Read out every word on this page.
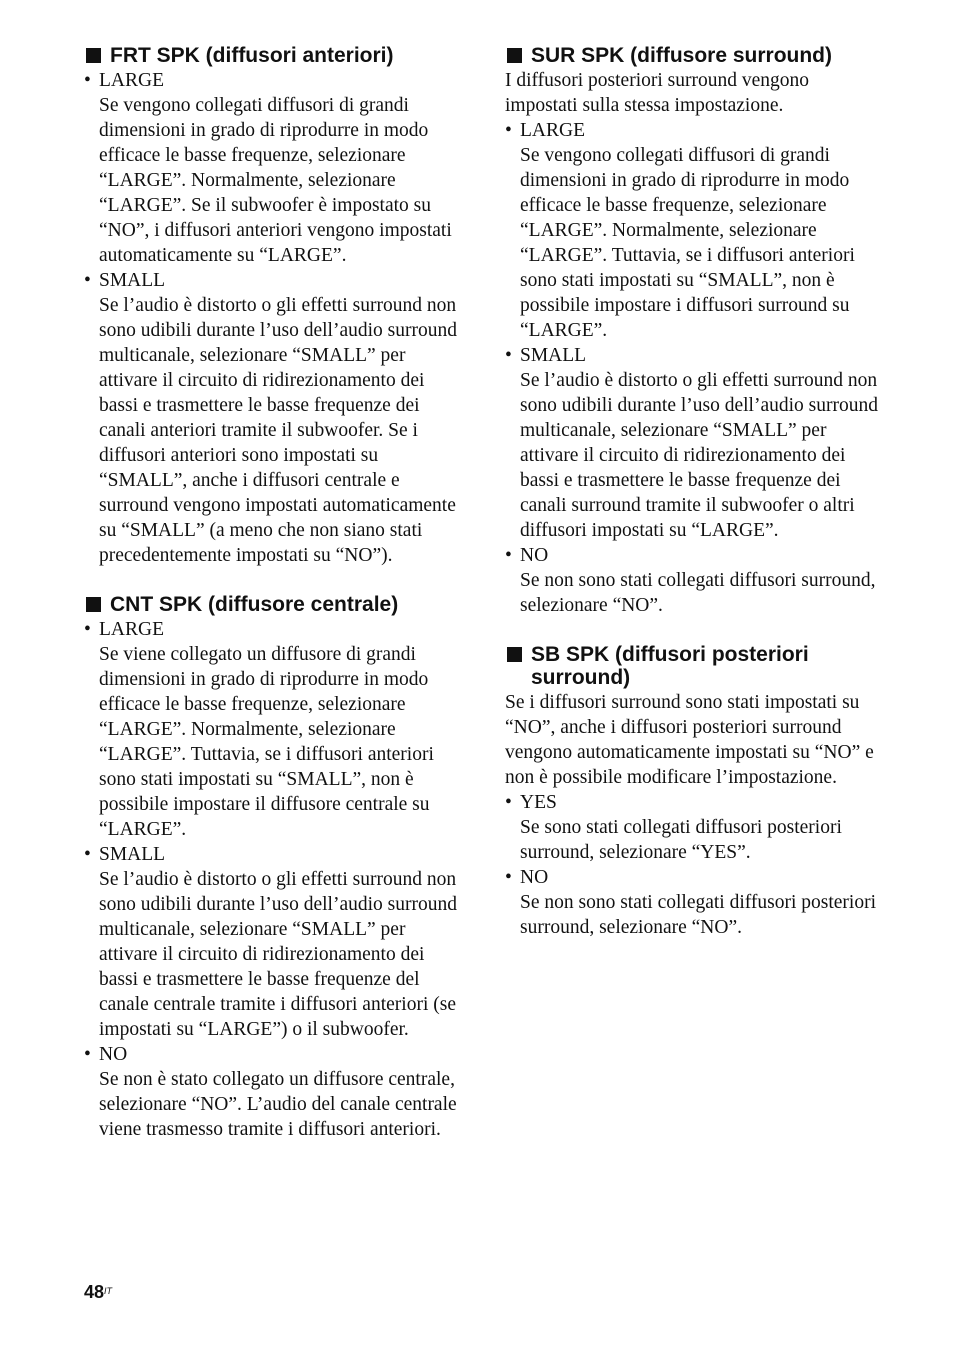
FRT SPK (diffusori anteriori)
• LARGE

Se vengono collegati diffusori di grandi dimensioni in grado di riprodurre in modo efficace le basse frequenze, selezionare “LARGE”. Normalmente, selezionare “LARGE”. Se il subwoofer è impostato su “NO”, i diffusori anteriori vengono impostati automaticamente su “LARGE”.

• SMALL

Se l’audio è distorto o gli effetti surround non sono udibili durante l’uso dell’audio surround multicanale, selezionare “SMALL” per attivare il circuito di ridirezionamento dei bassi e trasmettere le basse frequenze dei canali anteriori tramite il subwoofer. Se i diffusori anteriori sono impostati su “SMALL”, anche i diffusori centrale e surround vengono impostati automaticamente su “SMALL” (a meno che non siano stati precedentemente impostati su “NO”).

CNT SPK (diffusore centrale)
• LARGE

Se viene collegato un diffusore di grandi dimensioni in grado di riprodurre in modo efficace le basse frequenze, selezionare “LARGE”. Normalmente, selezionare “LARGE”. Tuttavia, se i diffusori anteriori sono stati impostati su “SMALL”, non è possibile impostare il diffusore centrale su “LARGE”.

• SMALL

Se l’audio è distorto o gli effetti surround non sono udibili durante l’uso dell’audio surround multicanale, selezionare “SMALL” per attivare il circuito di ridirezionamento dei bassi e trasmettere le basse frequenze del canale centrale tramite i diffusori anteriori (se impostati su “LARGE”) o il subwoofer.

• NO

Se non è stato collegato un diffusore centrale, selezionare “NO”. L’audio del canale centrale viene trasmesso tramite i diffusori anteriori.

SUR SPK (diffusore surround)

I diffusori posteriori surround vengono impostati sulla stessa impostazione.

• LARGE

Se vengono collegati diffusori di grandi dimensioni in grado di riprodurre in modo efficace le basse frequenze, selezionare “LARGE”. Normalmente, selezionare “LARGE”. Tuttavia, se i diffusori anteriori sono stati impostati su “SMALL”, non è possibile impostare i diffusori surround su “LARGE”.

• SMALL

Se l’audio è distorto o gli effetti surround non sono udibili durante l’uso dell’audio surround multicanale, selezionare “SMALL” per attivare il circuito di ridirezionamento dei bassi e trasmettere le basse frequenze dei canali surround tramite il subwoofer o altri diffusori impostati su “LARGE”.

• NO

Se non sono stati collegati diffusori surround, selezionare “NO”.

SB SPK (diffusori posteriori surround)

Se i diffusori surround sono stati impostati su “NO”, anche i diffusori posteriori surround vengono automaticamente impostati su “NO” e non è possibile modificare l’impostazione.

• YES

Se sono stati collegati diffusori posteriori surround, selezionare “YES”.

• NO

Se non sono stati collegati diffusori posteriori surround, selezionare “NO”.

$48^{IT}$
